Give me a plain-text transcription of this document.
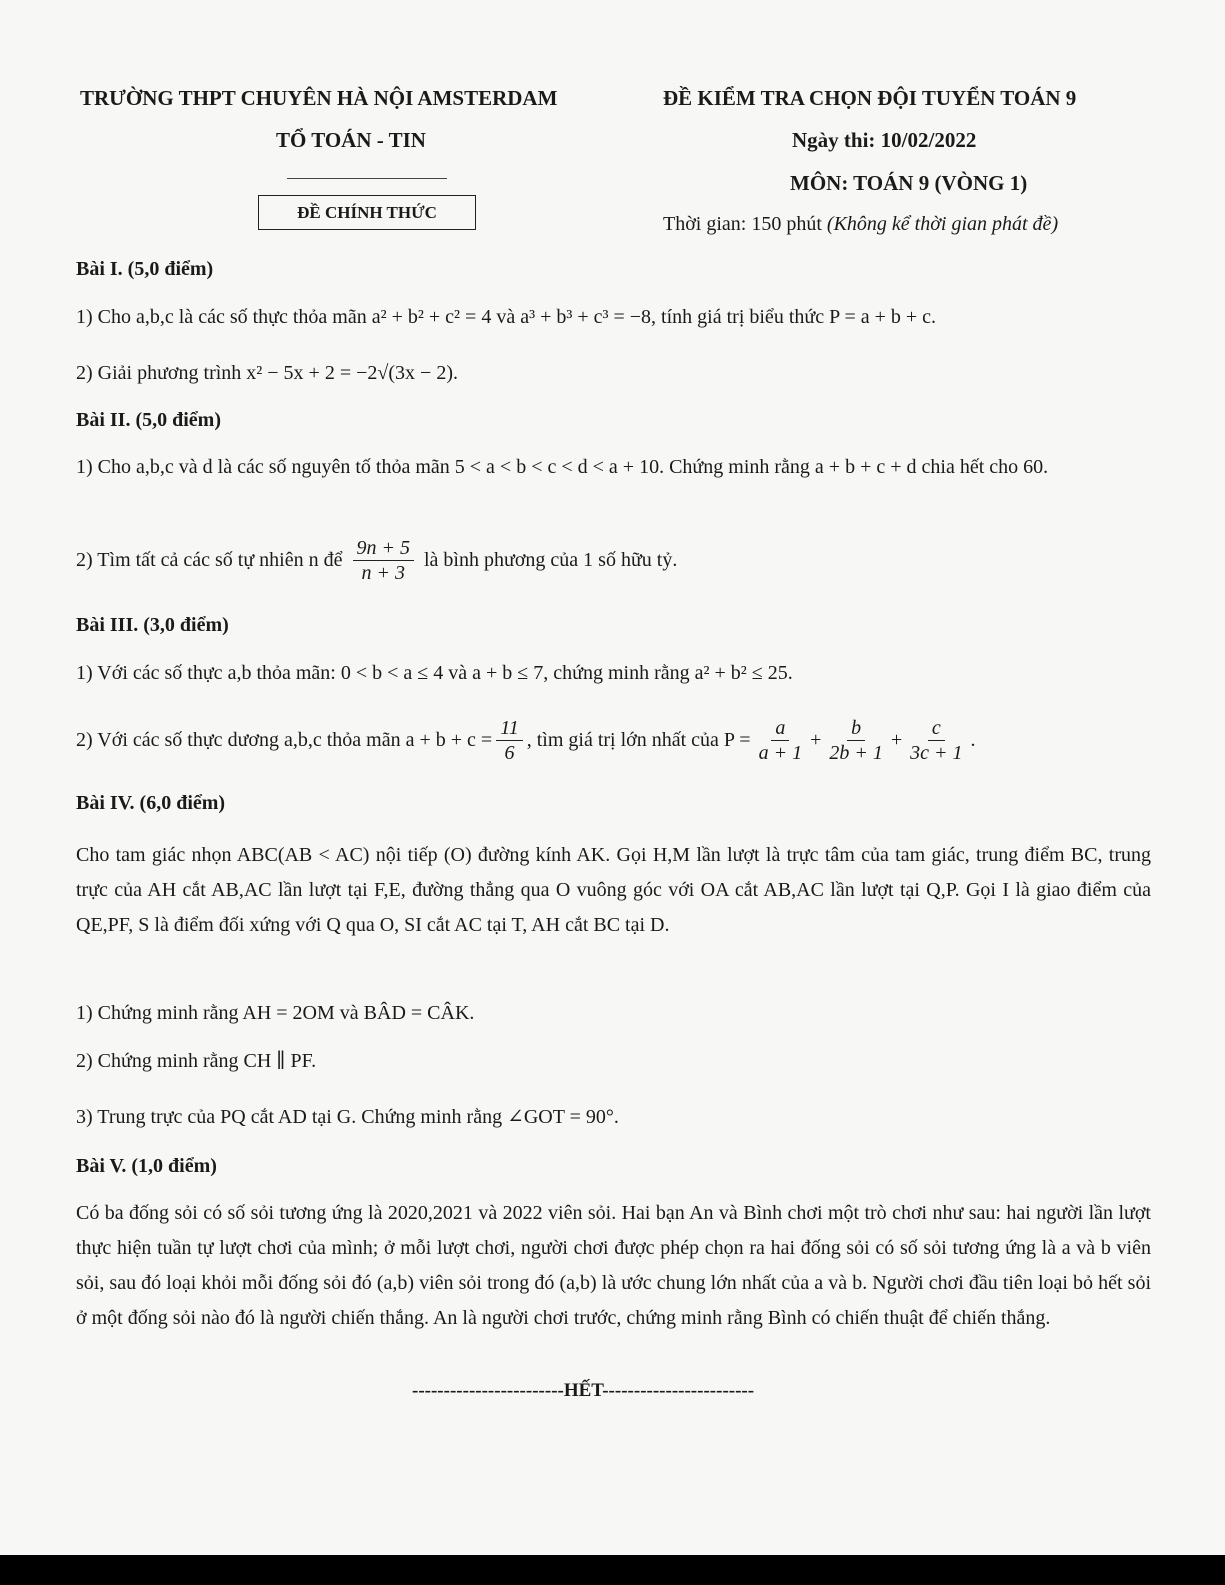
TRƯỜNG THPT CHUYÊN HÀ NỘI AMSTERDAM
TỔ TOÁN - TIN
ĐỀ CHÍNH THỨC
ĐỀ KIỂM TRA CHỌN ĐỘI TUYỂN TOÁN 9
Ngày thi: 10/02/2022
MÔN: TOÁN 9 (VÒNG 1)
Thời gian: 150 phút (Không kể thời gian phát đề)
Bài I. (5,0 điểm)
1) Cho a,b,c là các số thực thỏa mãn a² + b² + c² = 4 và a³ + b³ + c³ = −8, tính giá trị biểu thức P = a + b + c.
2) Giải phương trình x² − 5x + 2 = −2√(3x − 2).
Bài II. (5,0 điểm)
1) Cho a,b,c và d là các số nguyên tố thỏa mãn 5 < a < b < c < d < a + 10. Chứng minh rằng a + b + c + d chia hết cho 60.
2) Tìm tất cả các số tự nhiên n để $\frac{9n + 5}{n + 3}$ là bình phương của 1 số hữu tỷ.
Bài III. (3,0 điểm)
1) Với các số thực a,b thỏa mãn: 0 < b < a ≤ 4 và a + b ≤ 7, chứng minh rằng a² + b² ≤ 25.
2) Với các số thực dương a,b,c thỏa mãn $a + b + c = \frac{11}{6}$ , tìm giá trị lớn nhất của $P = \frac{a}{a + 1} + \frac{b}{2b + 1} + \frac{c}{3c + 1}$ .
Bài IV. (6,0 điểm)
Cho tam giác nhọn ABC(AB < AC) nội tiếp (O) đường kính AK. Gọi H,M lần lượt là trực tâm của tam giác, trung điểm BC, trung trực của AH cắt AB,AC lần lượt tại F,E, đường thẳng qua O vuông góc với OA cắt AB,AC lần lượt tại Q,P. Gọi I là giao điểm của QE,PF, S là điểm đối xứng với Q qua O, SI cắt AC tại T, AH cắt BC tại D.
1) Chứng minh rằng AH = 2OM và BÂD = CÂK.
2) Chứng minh rằng CH ∥ PF.
3) Trung trực của PQ cắt AD tại G. Chứng minh rằng ∠GOT = 90°.
Bài V. (1,0 điểm)
Có ba đống sỏi có số sỏi tương ứng là 2020,2021 và 2022 viên sỏi. Hai bạn An và Bình chơi một trò chơi như sau: hai người lần lượt thực hiện tuần tự lượt chơi của mình; ở mỗi lượt chơi, người chơi được phép chọn ra hai đống sỏi có số sỏi tương ứng là a và b viên sỏi, sau đó loại khỏi mỗi đống sỏi đó (a,b) viên sỏi trong đó (a,b) là ước chung lớn nhất của a và b. Người chơi đầu tiên loại bỏ hết sỏi ở một đống sỏi nào đó là người chiến thắng. An là người chơi trước, chứng minh rằng Bình có chiến thuật để chiến thắng.
------------------------HẾT------------------------
